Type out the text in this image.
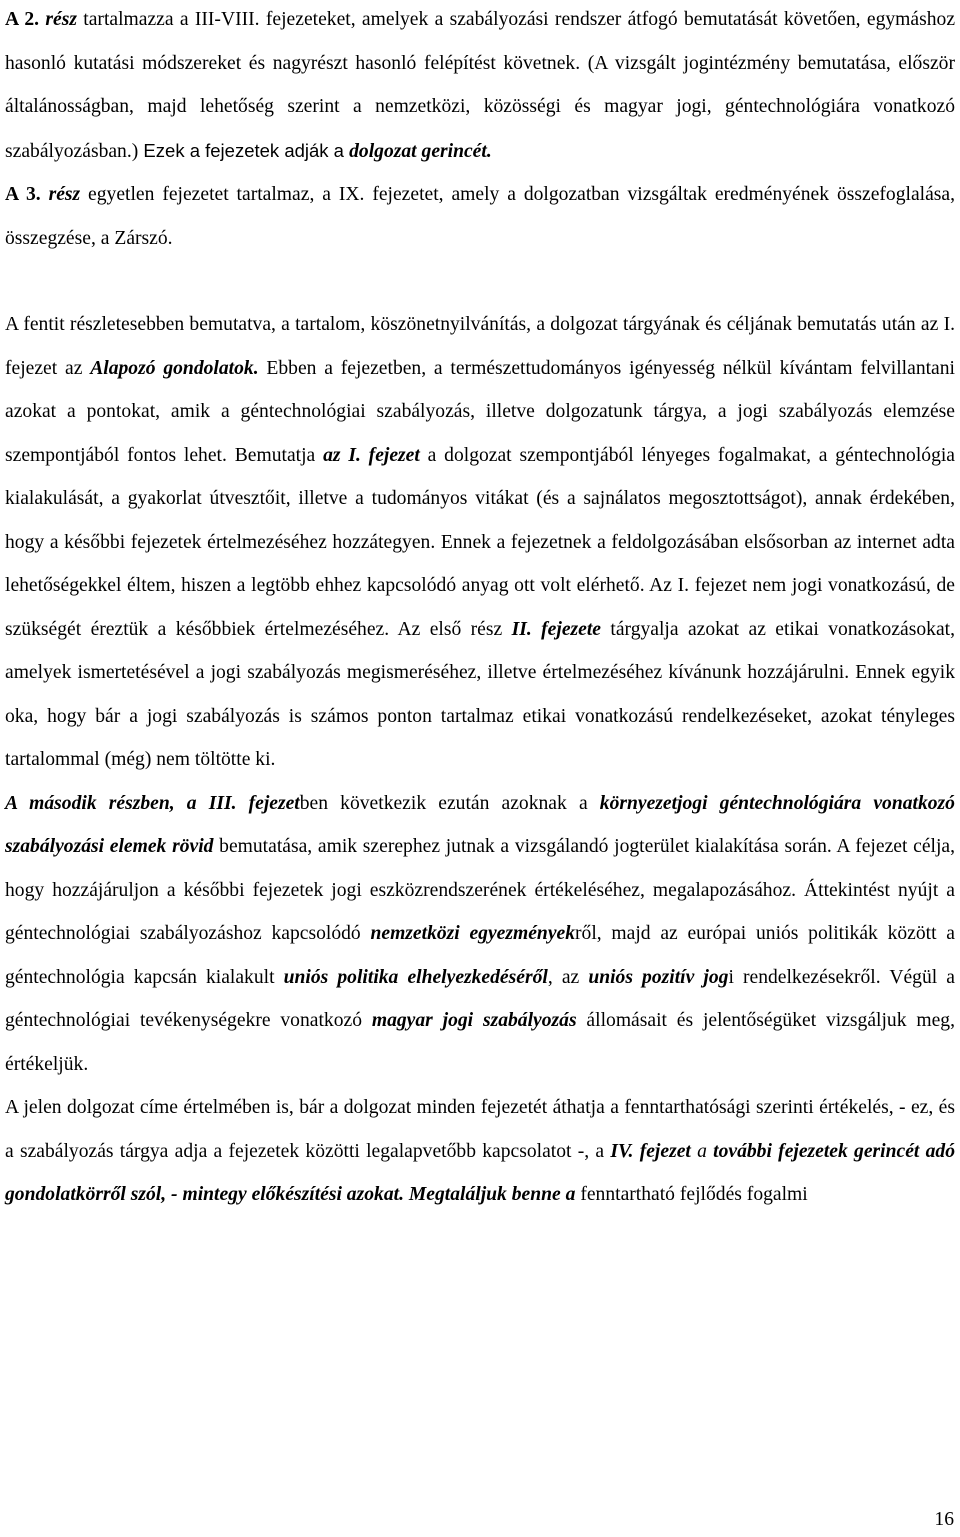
A 2. rész tartalmazza a III-VIII. fejezeteket, amelyek a szabályozási rendszer átfogó bemutatását követően, egymáshoz hasonló kutatási módszereket és nagyrészt hasonló felépítést követnek. (A vizsgált jogintézmény bemutatása, először általánosságban, majd lehetőség szerint a nemzetközi, közösségi és magyar jogi, géntechnológiára vonatkozó szabályozásban.) Ezek a fejezetek adják a dolgozat gerincét.

A 3. rész egyetlen fejezetet tartalmaz, a IX. fejezetet, amely a dolgozatban vizsgáltak eredményének összefoglalása, összegzése, a Zárszó.

A fentit részletesebben bemutatva, a tartalom, köszönetnyilvánítás, a dolgozat tárgyának és céljának bemutatás után az I. fejezet az Alapozó gondolatok. Ebben a fejezetben, a természettudományos igényesség nélkül kívántam felvillantani azokat a pontokat, amik a géntechnológiai szabályozás, illetve dolgozatunk tárgya, a jogi szabályozás elemzése szempontjából fontos lehet. Bemutatja az I. fejezet a dolgozat szempontjából lényeges fogalmakat, a géntechnológia kialakulását, a gyakorlat útvesztőit, illetve a tudományos vitákat (és a sajnálatos megosztottságot), annak érdekében, hogy a későbbi fejezetek értelmezéséhez hozzátegyen. Ennek a fejezetnek a feldolgozásában elsősorban az internet adta lehetőségekkel éltem, hiszen a legtöbb ehhez kapcsolódó anyag ott volt elérhető. Az I. fejezet nem jogi vonatkozású, de szükségét éreztük a későbbiek értelmezéséhez. Az első rész II. fejezete tárgyalja azokat az etikai vonatkozásokat, amelyek ismertetésével a jogi szabályozás megismeréséhez, illetve értelmezéséhez kívánunk hozzájárulni. Ennek egyik oka, hogy bár a jogi szabályozás is számos ponton tartalmaz etikai vonatkozású rendelkezéseket, azokat tényleges tartalommal (még) nem töltötte ki.

A második részben, a III. fejezetben következik ezután azoknak a környezetjogi géntechnológiára vonatkozó szabályozási elemek rövid bemutatása, amik szerephez jutnak a vizsgálandó jogterület kialakítása során. A fejezet célja, hogy hozzájáruljon a későbbi fejezetek jogi eszközrendszerének értékeléséhez, megalapozásához. Áttekintést nyújt a géntechnológiai szabályozáshoz kapcsolódó nemzetközi egyezményekről, majd az európai uniós politikák között a géntechnológia kapcsán kialakult uniós politika elhelyezkedéséről, az uniós pozitív jogi rendelkezésekről. Végül a géntechnológiai tevékenységekre vonatkozó magyar jogi szabályozás állomásait és jelentőségüket vizsgáljuk meg, értékeljük.

A jelen dolgozat címe értelmében is, bár a dolgozat minden fejezetét áthatja a fenntarthatósági szerinti értékelés, - ez, és a szabályozás tárgya adja a fejezetek közötti legalapvetőbb kapcsolatot -, a IV. fejezet a további fejezetek gerincét adó gondolatkörről szól, - mintegy előkészítési azokat. Megtaláljuk benne a fenntartható fejlődés fogalmi

16
